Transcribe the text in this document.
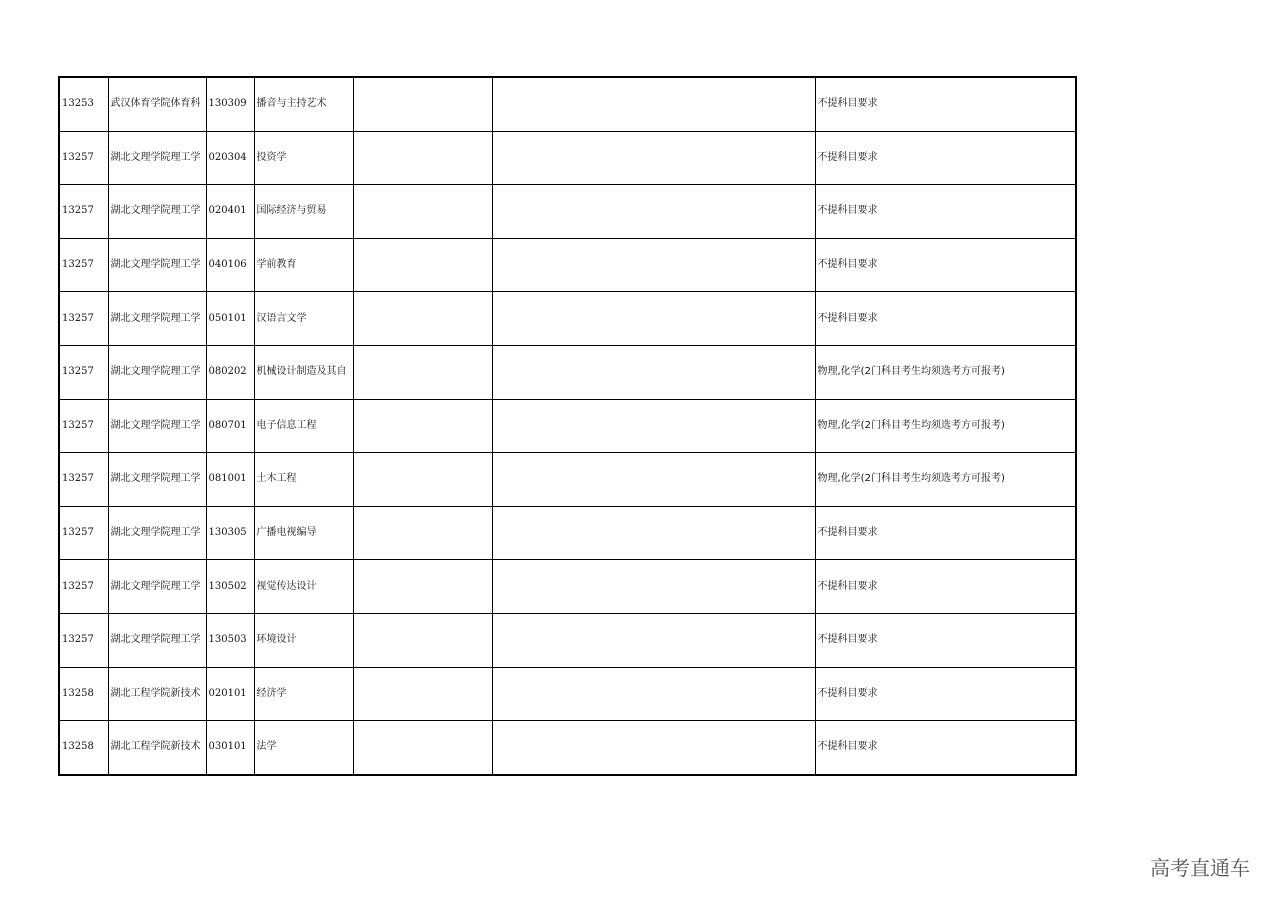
13253	武汉体育学院体育科	130309	播音与主持艺术			不提科目要求
13257	湖北文理学院理工学	020304	投资学			不提科目要求
13257	湖北文理学院理工学	020401	国际经济与贸易			不提科目要求
13257	湖北文理学院理工学	040106	学前教育			不提科目要求
13257	湖北文理学院理工学	050101	汉语言文学			不提科目要求
13257	湖北文理学院理工学	080202	机械设计制造及其自			物理,化学(2门科目考生均须选考方可报考)
13257	湖北文理学院理工学	080701	电子信息工程			物理,化学(2门科目考生均须选考方可报考)
13257	湖北文理学院理工学	081001	土木工程			物理,化学(2门科目考生均须选考方可报考)
13257	湖北文理学院理工学	130305	广播电视编导			不提科目要求
13257	湖北文理学院理工学	130502	视觉传达设计			不提科目要求
13257	湖北文理学院理工学	130503	环境设计			不提科目要求
13258	湖北工程学院新技术	020101	经济学			不提科目要求
13258	湖北工程学院新技术	030101	法学			不提科目要求
高考直通车
